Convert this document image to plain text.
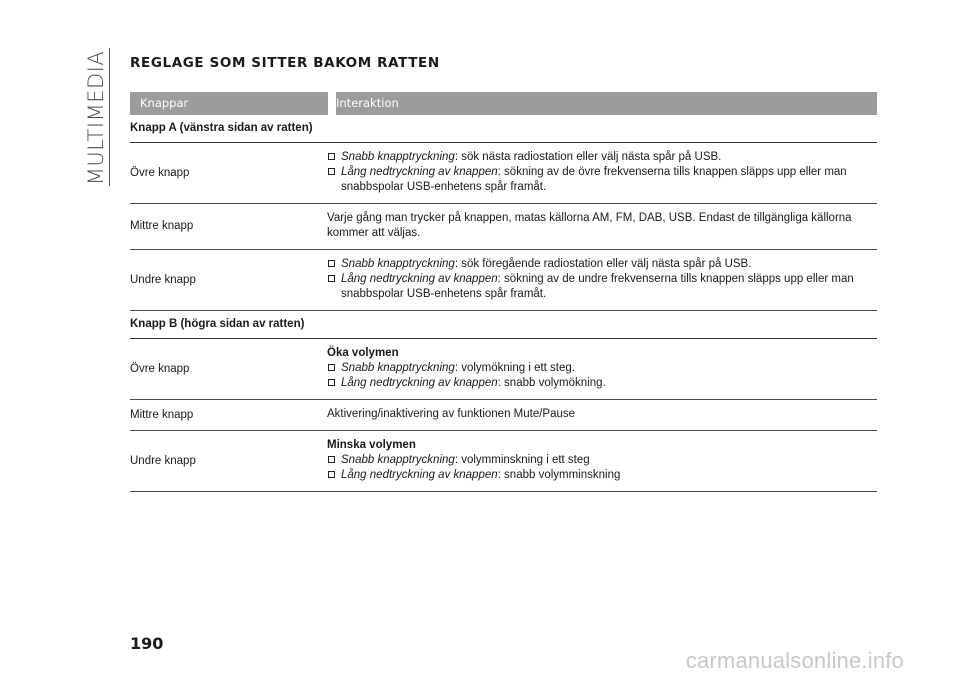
MULTIMEDIA REGLAGE SOM SITTER BAKOM RATTEN
Knappar	Interaktion
Knapp A (vänstra sidan av ratten)
Övre knapp
Snabb knapptryckning: sök nästa radiostation eller välj nästa spår på USB.
Lång nedtryckning av knappen: sökning av de övre frekvenserna tills knappen släpps upp eller man snabbspolar USB-enhetens spår framåt.
Mittre knapp
Varje gång man trycker på knappen, matas källorna AM, FM, DAB, USB. Endast de tillgängliga källorna kommer att väljas.
Undre knapp
Snabb knapptryckning: sök föregående radiostation eller välj nästa spår på USB.
Lång nedtryckning av knappen: sökning av de undre frekvenserna tills knappen släpps upp eller man snabbspolar USB-enhetens spår framåt.
Knapp B (högra sidan av ratten)
Övre knapp
Öka volymen
Snabb knapptryckning: volymökning i ett steg.
Lång nedtryckning av knappen: snabb volymökning.
Mittre knapp	Aktivering/inaktivering av funktionen Mute/Pause
Undre knapp
Minska volymen
Snabb knapptryckning: volymminskning i ett steg
Lång nedtryckning av knappen: snabb volymminskning
190
carmanualsonline.info
